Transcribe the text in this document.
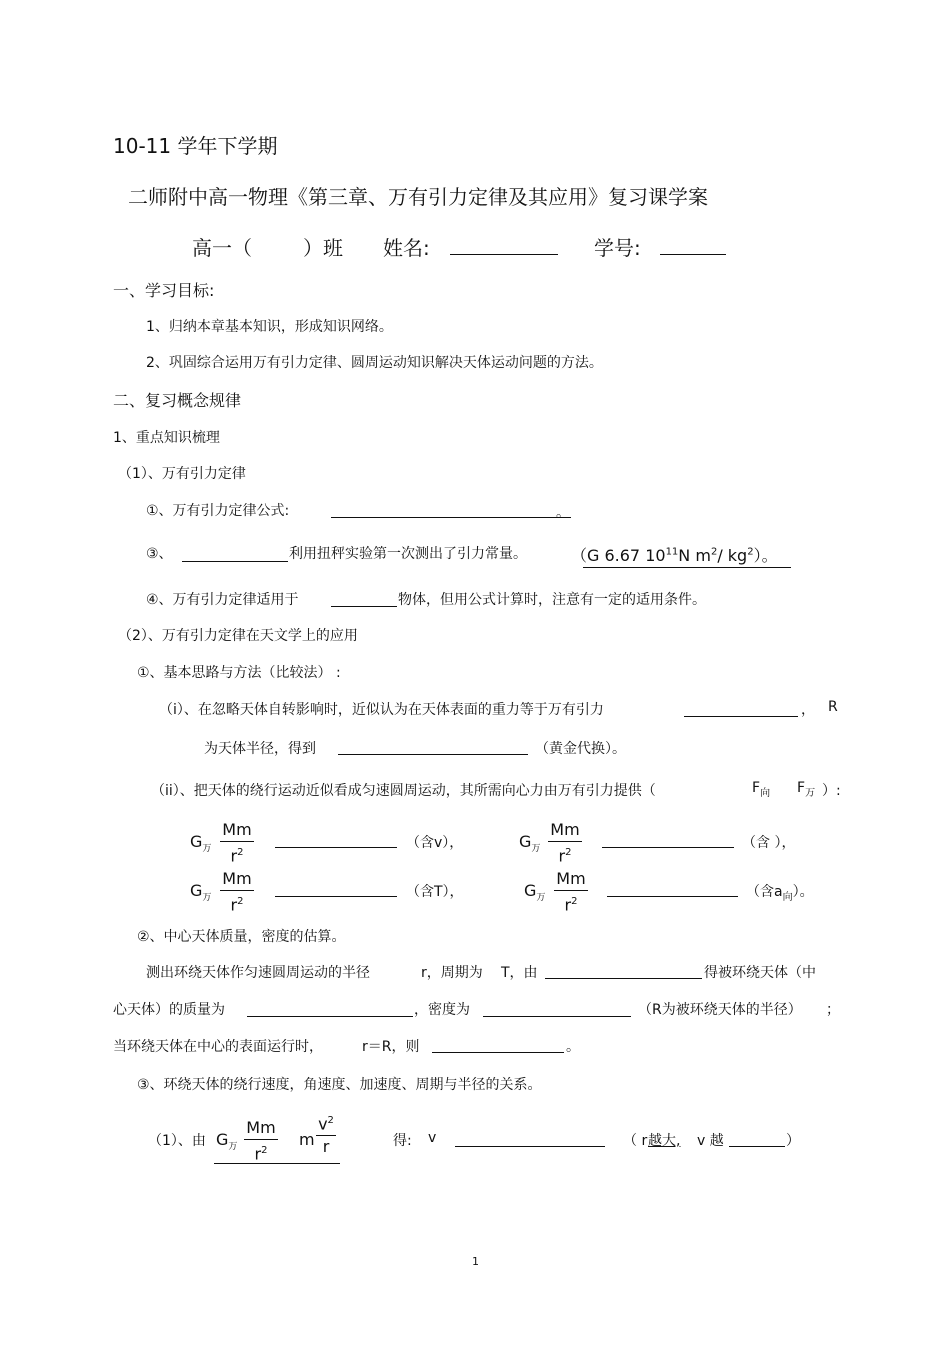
10-11 学年下学期
二师附中高一物理《第三章、万有引力定律及其应用》复习课学案
高一（	）班 姓名:	学号:
一、学习目标:
1、归纳本章基本知识，形成知识网络。
2、巩固综合运用万有引力定律、圆周运动知识解决天体运动问题的方法。
二、复习概念规律
1、重点知识梳理
（1）、万有引力定律
①、万有引力定律公式:	。
③、	利用扭秤实验第一次测出了引力常量。	（G 6.67 $10^{11}N$ $m^2/$ $kg^2$）。
④、万有引力定律适用于	物体，但用公式计算时，注意有一定的适用条件。
（2）、万有引力定律在天文学上的应用
①、基本思路与方法（比较法） :
（i）、在忽略天体自转影响时，近似认为在天体表面的重力等于万有引力	， R
为天体半径，得到	（黄金代换）。
（ii）、把天体的绕行运动近似看成匀速圆周运动，其所需向心力由万有引力提供（	$F_向$ $F_万$ ）:
$G_万$
Mm
$r^2$
（含v），	$G_万$
Mm
$r^2$
（含 ），
$G_万$
Mm
$r^2$
（含T），	$G_万$
Mm
$r^2$
（含$a_向$）。
②、中心天体质量，密度的估算。
测出环绕天体作匀速圆周运动的半径	r，周期为 T，由	得被环绕天体（中
心天体）的质量为	，密度为	（R为被环绕天体的半径） ；
当环绕天体在中心的表面运行时，	r＝R，则	。
③、环绕天体的绕行速度，角速度、加速度、周期与半径的关系。
（1）、由 $G_万$
Mm
$r^2$
m
$v^2$
r	得: v	（ r 越大, v 越	）
1
